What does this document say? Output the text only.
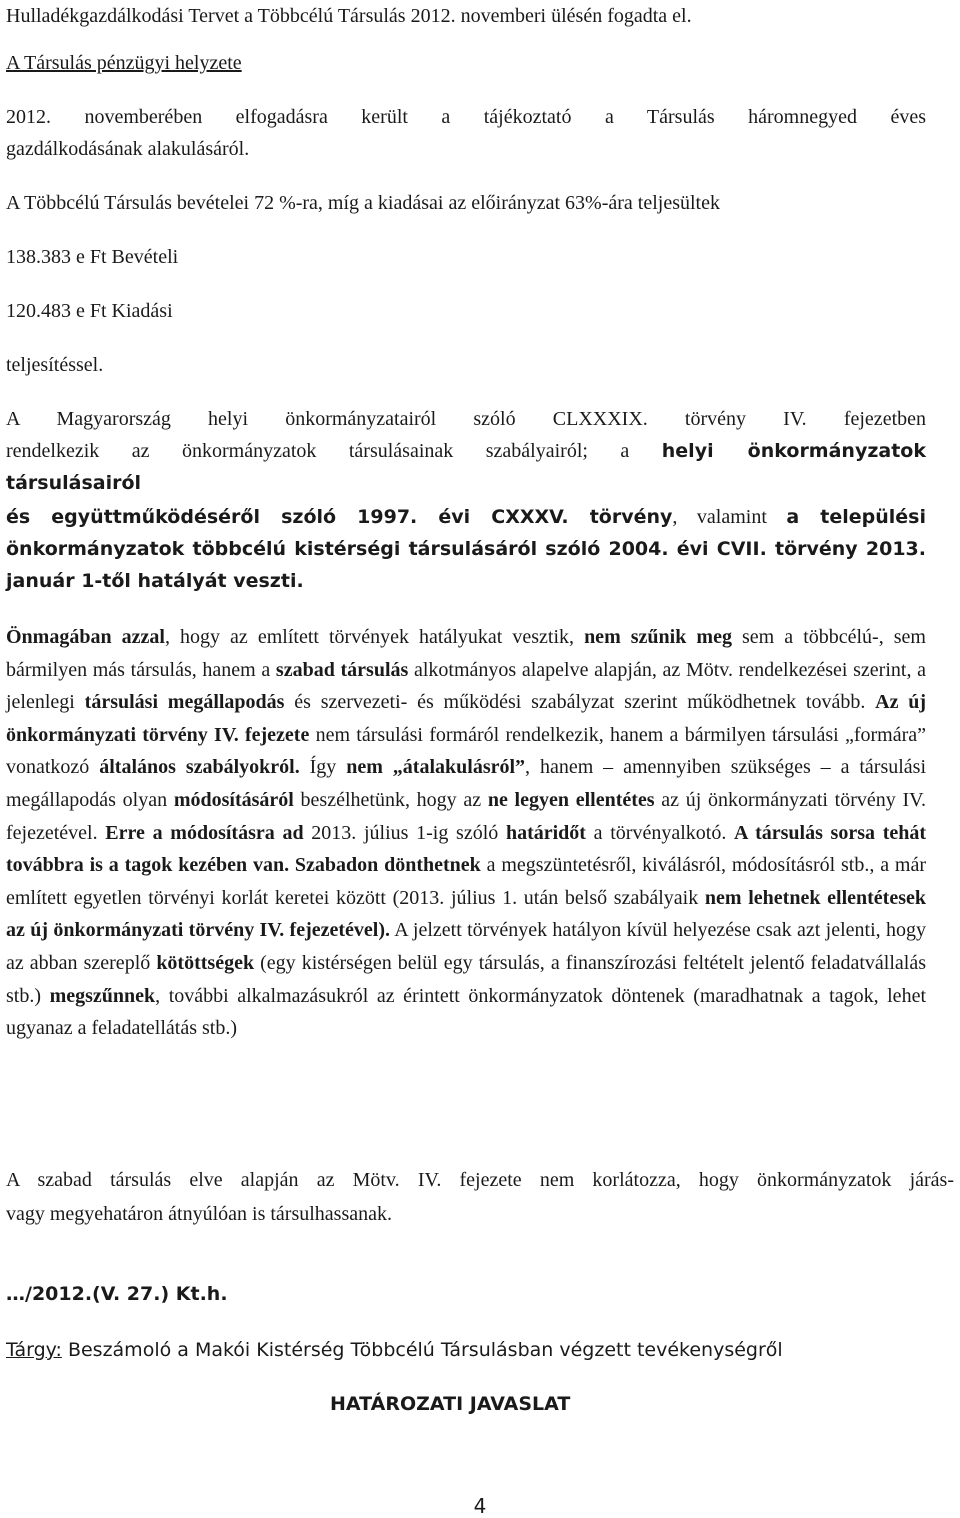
Hulladékgazdálkodási Tervet a Többcélú Társulás 2012. novemberi ülésén fogadta el.

A Társulás pénzügyi helyzete

2012. novemberében elfogadásra került a tájékoztató a Társulás háromnegyed éves

gazdálkodásának alakulásáról.

A Többcélú Társulás bevételei 72 %-ra, míg a kiadásai az előirányzat 63%-ára teljesültek

138.383 e Ft Bevételi

120.483 e Ft Kiadási

teljesítéssel.

A Magyarország helyi önkormányzatairól szóló CLXXXIX. törvény IV. fejezetben

rendelkezik az önkormányzatok társulásainak szabályairól; a helyi önkormányzatok

társulásairól

és együttműködéséről szóló 1997. évi CXXXV. törvény, valamint a települési

önkormányzatok többcélú kistérségi társulásáról szóló 2004. évi CVII. törvény 2013.

január 1-től hatályát veszti.

Önmagában azzal, hogy az említett törvények hatályukat vesztik, nem szűnik meg sem a többcélú-, sem bármilyen más társulás, hanem a szabad társulás alkotmányos alapelve alapján, az Mötv. rendelkezései szerint, a jelenlegi társulási megállapodás és szervezeti- és működési szabályzat szerint működhetnek tovább. Az új önkormányzati törvény IV. fejezete nem társulási formáról rendelkezik, hanem a bármilyen társulási „formára” vonatkozó általános szabályokról. Így nem „átalakulásról”, hanem – amennyiben szükséges – a társulási megállapodás olyan módosításáról beszélhetünk, hogy az ne legyen ellentétes az új önkormányzati törvény IV. fejezetével. Erre a módosításra ad 2013. július 1-ig szóló határidőt a törvényalkotó. A társulás sorsa tehát továbbra is a tagok kezében van. Szabadon dönthetnek a megszüntetésről, kiválásról, módosításról stb., a már említett egyetlen törvényi korlát keretei között (2013. július 1. után belső szabályaik nem lehetnek ellentétesek az új önkormányzati törvény IV. fejezetével). A jelzett törvények hatályon kívül helyezése csak azt jelenti, hogy az abban szereplő kötöttségek (egy kistérségen belül egy társulás, a finanszírozási feltételt jelentő feladatvállalás stb.) megszűnnek, további alkalmazásukról az érintett önkormányzatok döntenek (maradhatnak a tagok, lehet ugyanaz a feladatellátás stb.)

A szabad társulás elve alapján az Mötv. IV. fejezete nem korlátozza, hogy önkormányzatok járás-

vagy megyehatáron átnyúlóan is társulhassanak.

…/2012.(V. 27.) Kt.h.

Tárgy: Beszámoló a Makói Kistérség Többcélú Társulásban végzett tevékenységről

HATÁROZATI JAVASLAT

4
